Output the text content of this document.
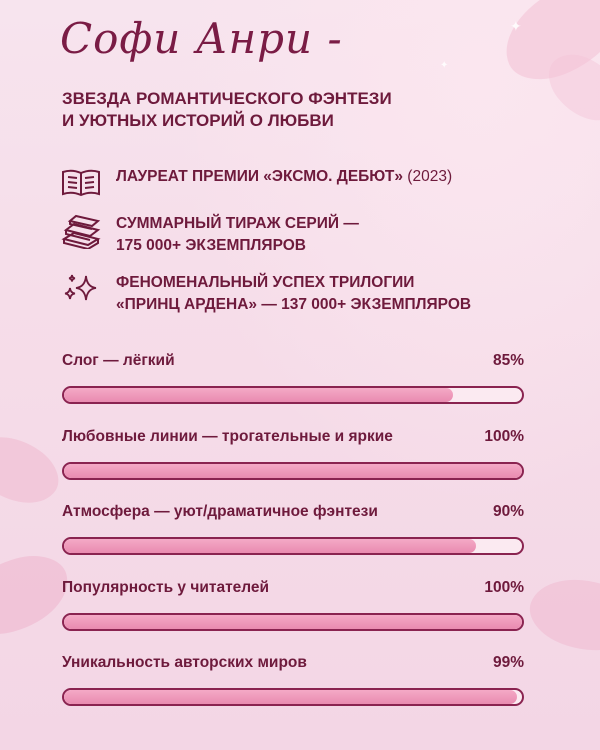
✦
✦
Софи Анри -
ЗВЕЗДА РОМАНТИЧЕСКОГО ФЭНТЕЗИ
И УЮТНЫХ ИСТОРИЙ О ЛЮБВИ
ЛАУРЕАТ ПРЕМИИ «ЭКСМО. ДЕБЮТ» (2023)
СУММАРНЫЙ ТИРАЖ СЕРИЙ —
175 000+ ЭКЗЕМПЛЯРОВ
ФЕНОМЕНАЛЬНЫЙ УСПЕХ ТРИЛОГИИ
«ПРИНЦ АРДЕНА» — 137 000+ ЭКЗЕМПЛЯРОВ
Слог — лёгкий	85%
Любовные линии — трогательные и яркие	100%
Атмосфера — уют/драматичное фэнтези	90%
Популярность у читателей	100%
Уникальность авторских миров	99%
